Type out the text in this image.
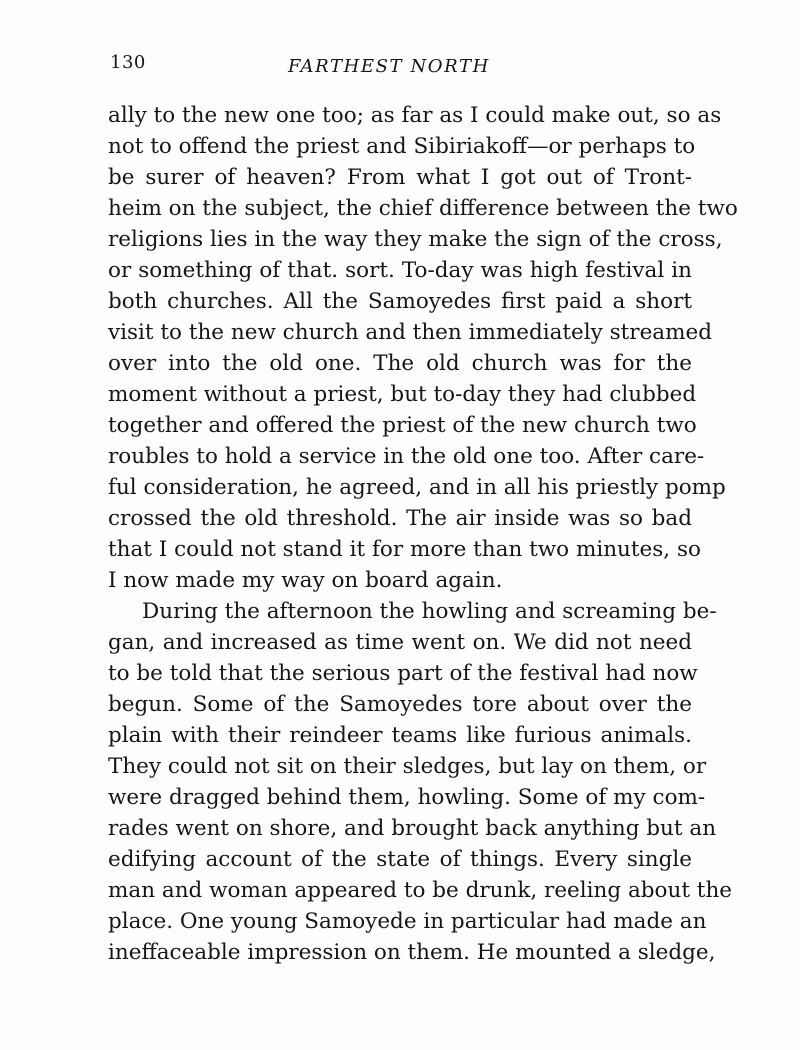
130	FARTHEST NORTH
ally to the new one too; as far as I could make out, so as
not to offend the priest and Sibiriakoff—or perhaps to
be surer of heaven? From what I got out of Tront-
heim on the subject, the chief difference between the two
religions lies in the way they make the sign of the cross,
or something of that. sort. To-day was high festival in
both churches. All the Samoyedes first paid a short
visit to the new church and then immediately streamed
over into the old one. The old church was for the
moment without a priest, but to-day they had clubbed
together and offered the priest of the new church two
roubles to hold a service in the old one too. After care-
ful consideration, he agreed, and in all his priestly pomp
crossed the old threshold. The air inside was so bad
that I could not stand it for more than two minutes, so
I now made my way on board again.
During the afternoon the howling and screaming be-
gan, and increased as time went on. We did not need
to be told that the serious part of the festival had now
begun. Some of the Samoyedes tore about over the
plain with their reindeer teams like furious animals.
They could not sit on their sledges, but lay on them, or
were dragged behind them, howling. Some of my com-
rades went on shore, and brought back anything but an
edifying account of the state of things. Every single
man and woman appeared to be drunk, reeling about the
place. One young Samoyede in particular had made an
ineffaceable impression on them. He mounted a sledge,
